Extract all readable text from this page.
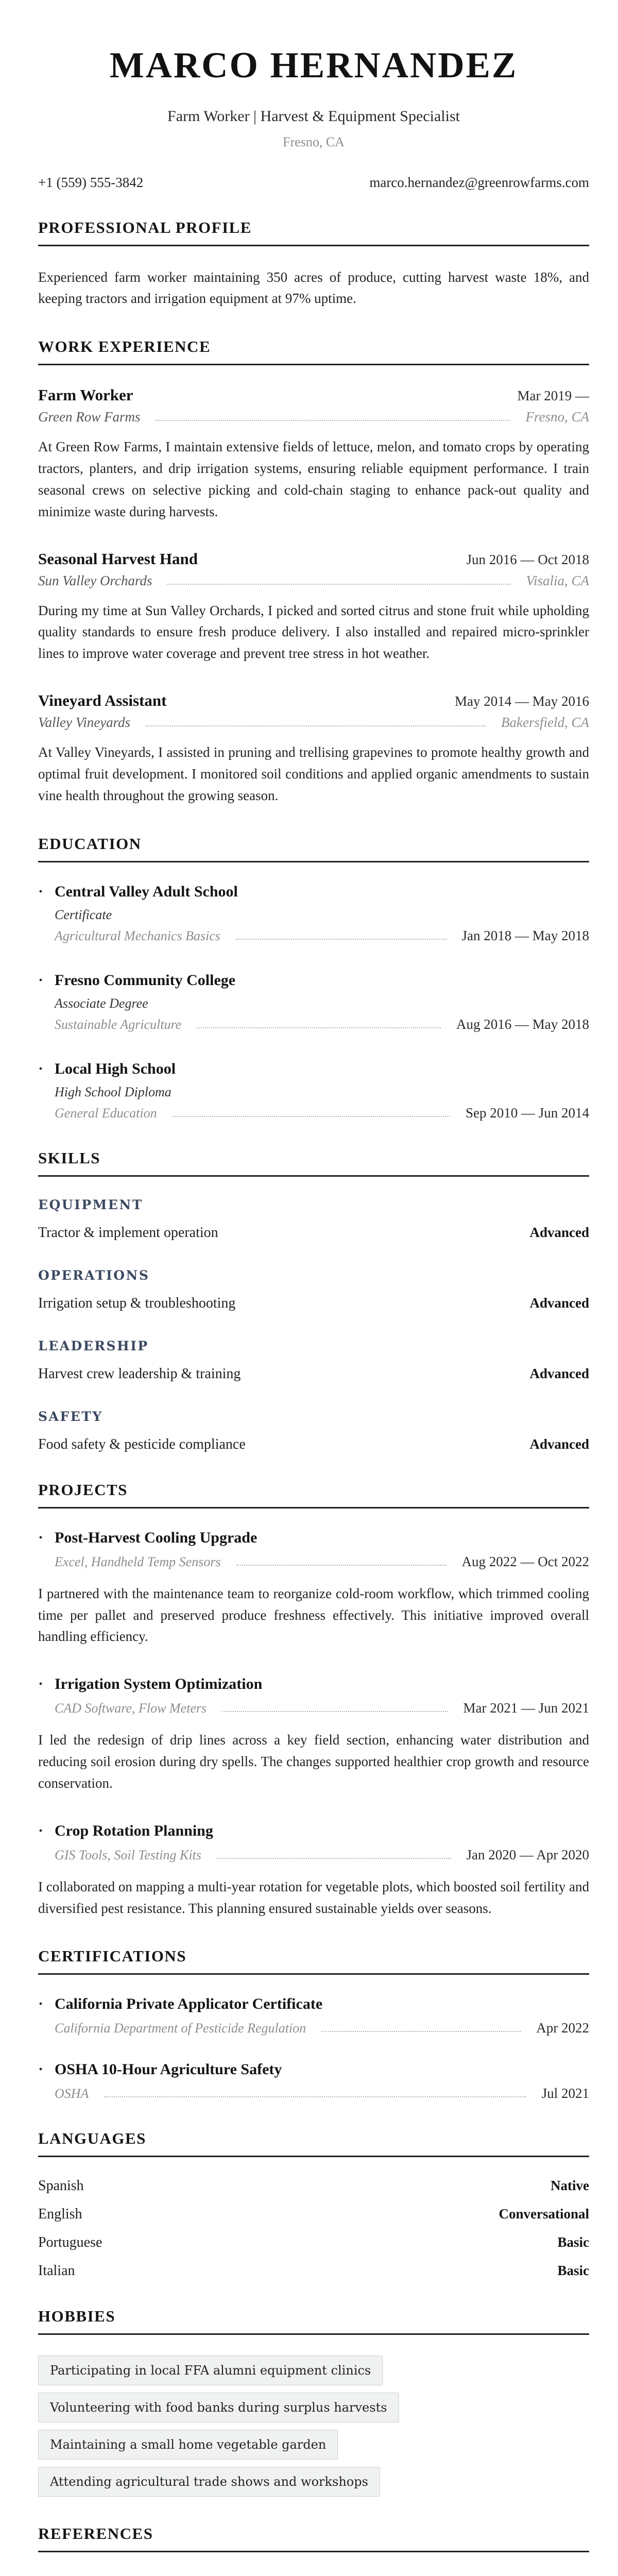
MARCO HERNANDEZ
Farm Worker | Harvest & Equipment Specialist
Fresno, CA
+1 (559) 555-3842	marco.hernandez@greenrowfarms.com
PROFESSIONAL PROFILE

Experienced farm worker maintaining 350 acres of produce, cutting harvest waste 18%, and keeping tractors and irrigation equipment at 97% uptime.

WORK EXPERIENCE
Farm Worker	Mar 2019 —
Green Row Farms	Fresno, CA

At Green Row Farms, I maintain extensive fields of lettuce, melon, and tomato crops by operating tractors, planters, and drip irrigation systems, ensuring reliable equipment performance. I train seasonal crews on selective picking and cold-chain staging to enhance pack-out quality and minimize waste during harvests.

Seasonal Harvest Hand	Jun 2016 — Oct 2018
Sun Valley Orchards	Visalia, CA

During my time at Sun Valley Orchards, I picked and sorted citrus and stone fruit while upholding quality standards to ensure fresh produce delivery. I also installed and repaired micro-sprinkler lines to improve water coverage and prevent tree stress in hot weather.

Vineyard Assistant	May 2014 — May 2016
Valley Vineyards	Bakersfield, CA

At Valley Vineyards, I assisted in pruning and trellising grapevines to promote healthy growth and optimal fruit development. I monitored soil conditions and applied organic amendments to sustain vine health throughout the growing season.

EDUCATION
· Central Valley Adult School
Certificate
Agricultural Mechanics Basics	Jan 2018 — May 2018
· Fresno Community College
Associate Degree
Sustainable Agriculture	Aug 2016 — May 2018
· Local High School
High School Diploma
General Education	Sep 2010 — Jun 2014
SKILLS
EQUIPMENT
Tractor & implement operation	Advanced
OPERATIONS
Irrigation setup & troubleshooting	Advanced
LEADERSHIP
Harvest crew leadership & training	Advanced
SAFETY
Food safety & pesticide compliance	Advanced
PROJECTS
· Post-Harvest Cooling Upgrade
Excel, Handheld Temp Sensors	Aug 2022 — Oct 2022

I partnered with the maintenance team to reorganize cold-room workflow, which trimmed cooling time per pallet and preserved produce freshness effectively. This initiative improved overall handling efficiency.

· Irrigation System Optimization
CAD Software, Flow Meters	Mar 2021 — Jun 2021

I led the redesign of drip lines across a key field section, enhancing water distribution and reducing soil erosion during dry spells. The changes supported healthier crop growth and resource conservation.

· Crop Rotation Planning
GIS Tools, Soil Testing Kits	Jan 2020 — Apr 2020

I collaborated on mapping a multi-year rotation for vegetable plots, which boosted soil fertility and diversified pest resistance. This planning ensured sustainable yields over seasons.

CERTIFICATIONS
· California Private Applicator Certificate
California Department of Pesticide Regulation	Apr 2022
· OSHA 10-Hour Agriculture Safety
OSHA	Jul 2021
LANGUAGES
Spanish	Native
English	Conversational
Portuguese	Basic
Italian	Basic
HOBBIES
Participating in local FFA alumni equipment clinics
Volunteering with food banks during surplus harvests
Maintaining a small home vegetable garden
Attending agricultural trade shows and workshops
REFERENCES
